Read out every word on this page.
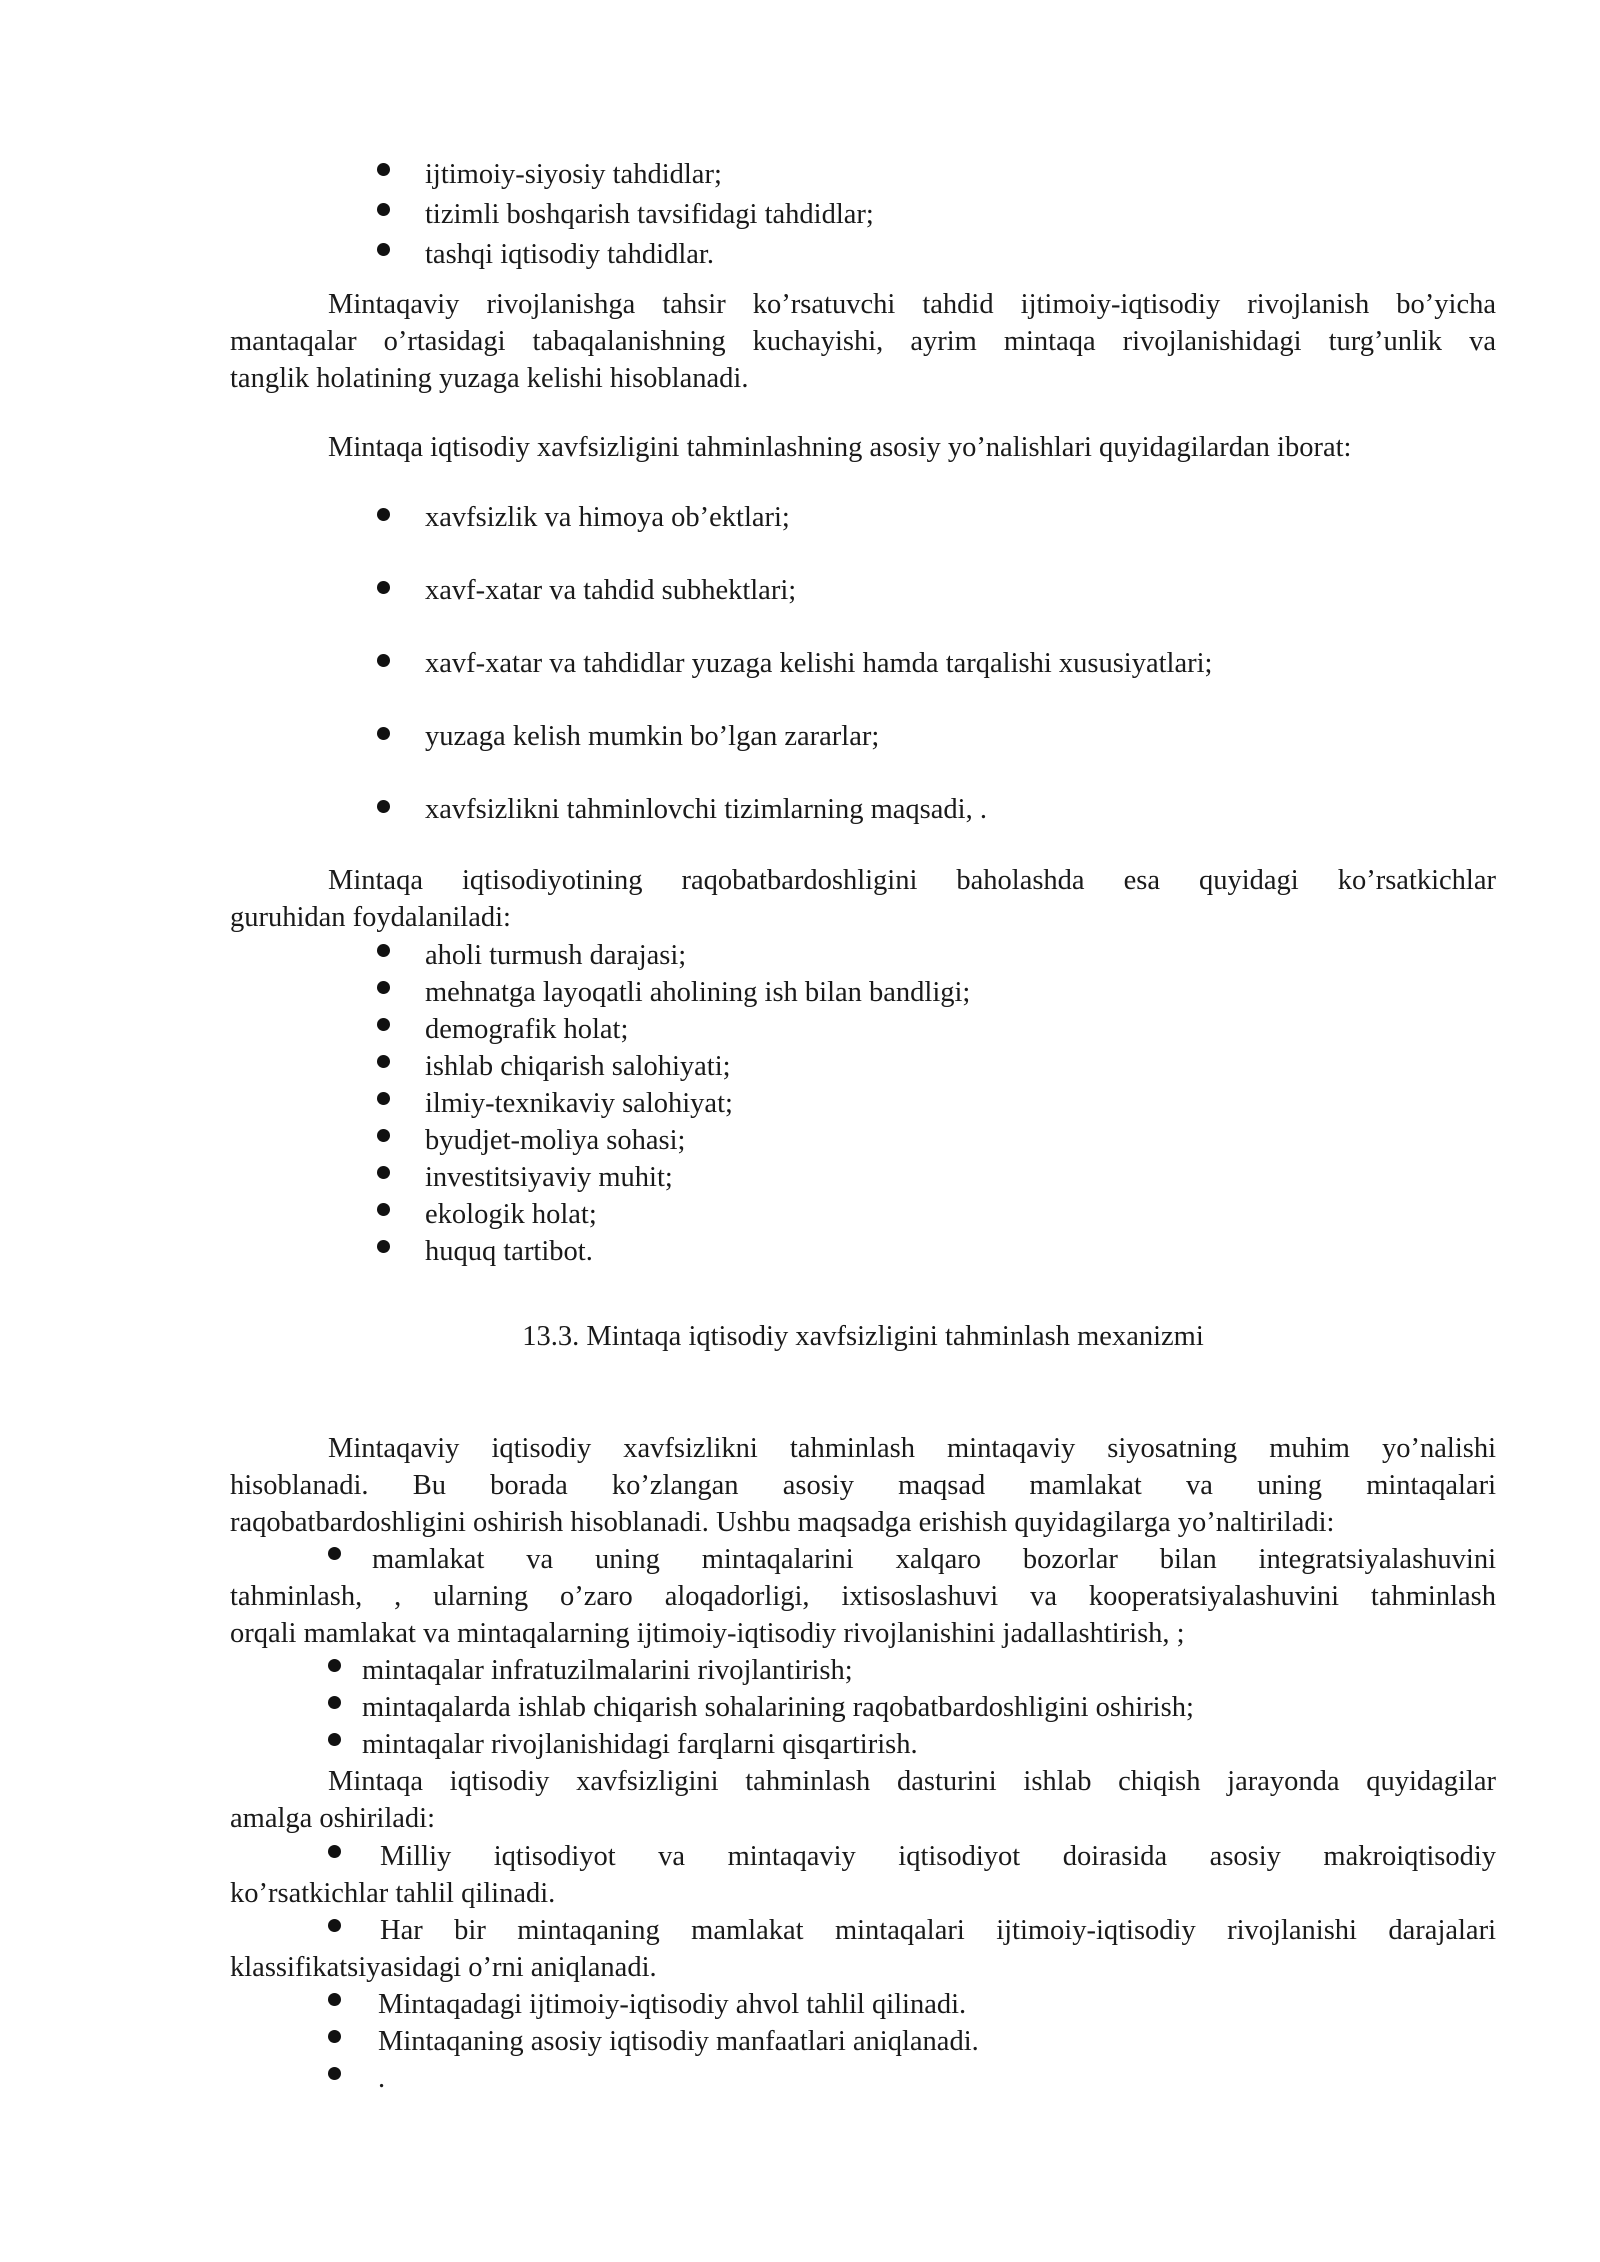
ijtimoiy-siyosiy tahdidlar;
tizimli boshqarish tavsifidagi tahdidlar;
tashqi iqtisodiy tahdidlar.
Mintaqaviy rivojlanishga tahsir ko’rsatuvchi tahdid ijtimoiy-iqtisodiy rivojlanish bo’yicha
mantaqalar o’rtasidagi tabaqalanishning kuchayishi, ayrim mintaqa rivojlanishidagi turg’unlik va
tanglik holatining yuzaga kelishi hisoblanadi.
Mintaqa iqtisodiy xavfsizligini tahminlashning asosiy yo’nalishlari quyidagilardan iborat:
xavfsizlik va himoya ob’ektlari;
xavf-xatar va tahdid subhektlari;
xavf-xatar va tahdidlar yuzaga kelishi hamda tarqalishi xususiyatlari;
yuzaga kelish mumkin bo’lgan zararlar;
xavfsizlikni tahminlovchi tizimlarning maqsadi, .
Mintaqa iqtisodiyotining raqobatbardoshligini baholashda esa quyidagi ko’rsatkichlar
guruhidan foydalaniladi:
aholi turmush darajasi;
mehnatga layoqatli aholining ish bilan bandligi;
demografik holat;
ishlab chiqarish salohiyati;
ilmiy-texnikaviy salohiyat;
byudjet-moliya sohasi;
investitsiyaviy muhit;
ekologik holat;
huquq tartibot.
13.3. Mintaqa iqtisodiy xavfsizligini tahminlash mexanizmi
Mintaqaviy iqtisodiy xavfsizlikni tahminlash mintaqaviy siyosatning muhim yo’nalishi
hisoblanadi. Bu borada ko’zlangan asosiy maqsad mamlakat va uning mintaqalari
raqobatbardoshligini oshirish hisoblanadi. Ushbu maqsadga erishish quyidagilarga yo’naltiriladi:
mamlakat va uning mintaqalarini xalqaro bozorlar bilan integratsiyalashuvini
tahminlash, , ularning o’zaro aloqadorligi, ixtisoslashuvi va kooperatsiyalashuvini tahminlash
orqali mamlakat va mintaqalarning ijtimoiy-iqtisodiy rivojlanishini jadallashtirish, ;
mintaqalar infratuzilmalarini rivojlantirish;
mintaqalarda ishlab chiqarish sohalarining raqobatbardoshligini oshirish;
mintaqalar rivojlanishidagi farqlarni qisqartirish.
Mintaqa iqtisodiy xavfsizligini tahminlash dasturini ishlab chiqish jarayonda quyidagilar
amalga oshiriladi:
Milliy iqtisodiyot va mintaqaviy iqtisodiyot doirasida asosiy makroiqtisodiy
ko’rsatkichlar tahlil qilinadi.
Har bir mintaqaning mamlakat mintaqalari ijtimoiy-iqtisodiy rivojlanishi darajalari
klassifikatsiyasidagi o’rni aniqlanadi.
Mintaqadagi ijtimoiy-iqtisodiy ahvol tahlil qilinadi.
Mintaqaning asosiy iqtisodiy manfaatlari aniqlanadi.
.
